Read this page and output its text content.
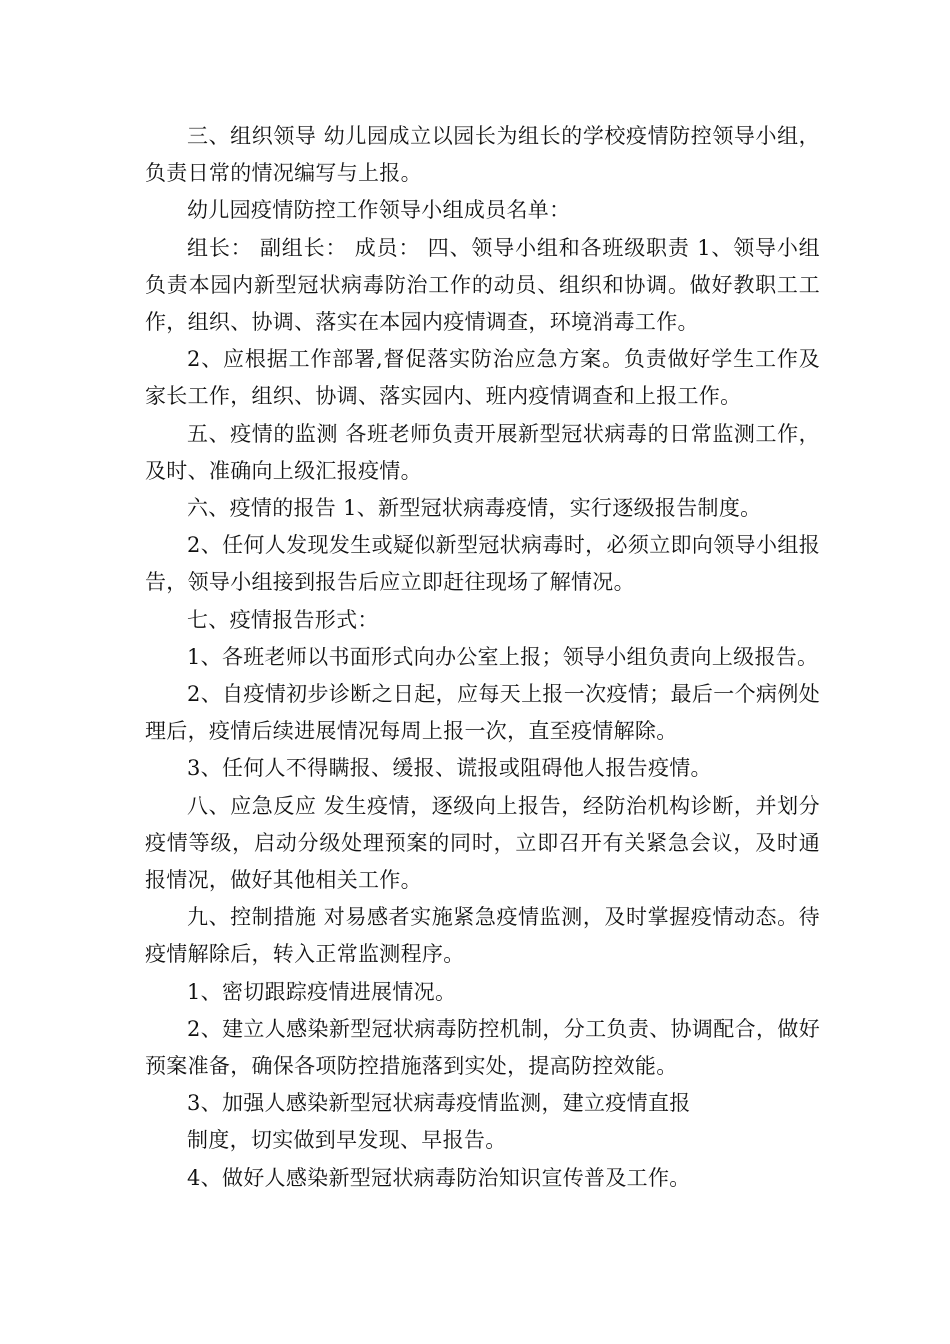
三、组织领导 幼儿园成立以园长为组长的学校疫情防控领导小组，负责日常的情况编写与上报。

幼儿园疫情防控工作领导小组成员名单：

组长： 副组长： 成员： 四、领导小组和各班级职责 1、领导小组负责本园内新型冠状病毒防治工作的动员、组织和协调。做好教职工工作，组织、协调、落实在本园内疫情调查，环境消毒工作。

2、应根据工作部署,督促落实防治应急方案。负责做好学生工作及家长工作，组织、协调、落实园内、班内疫情调查和上报工作。

五、疫情的监测 各班老师负责开展新型冠状病毒的日常监测工作，及时、准确向上级汇报疫情。

六、疫情的报告 1、新型冠状病毒疫情，实行逐级报告制度。

2、任何人发现发生或疑似新型冠状病毒时，必须立即向领导小组报告，领导小组接到报告后应立即赶往现场了解情况。

七、疫情报告形式：

1、各班老师以书面形式向办公室上报；领导小组负责向上级报告。

2、自疫情初步诊断之日起，应每天上报一次疫情；最后一个病例处理后，疫情后续进展情况每周上报一次，直至疫情解除。

3、任何人不得瞒报、缓报、谎报或阻碍他人报告疫情。

八、应急反应 发生疫情，逐级向上报告，经防治机构诊断，并划分疫情等级，启动分级处理预案的同时，立即召开有关紧急会议，及时通报情况，做好其他相关工作。

九、控制措施 对易感者实施紧急疫情监测，及时掌握疫情动态。待疫情解除后，转入正常监测程序。

1、密切跟踪疫情进展情况。

2、建立人感染新型冠状病毒防控机制，分工负责、协调配合，做好预案准备，确保各项防控措施落到实处，提高防控效能。

3、加强人感染新型冠状病毒疫情监测，建立疫情直报

制度，切实做到早发现、早报告。

4、做好人感染新型冠状病毒防治知识宣传普及工作。
